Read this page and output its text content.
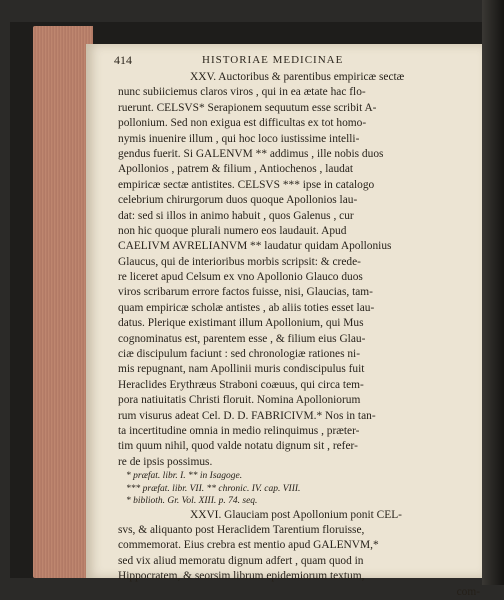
414	HISTORIAE MEDICINAE
XXV. Auctoribus & parentibus empiricæ sectæ
nunc subiiciemus claros viros , qui in ea ætate hac flo-
ruerunt. CELSVS* Serapionem sequutum esse scribit A-
pollonium. Sed non exigua est difficultas ex tot homo-
nymis inuenire illum , qui hoc loco iustissime intelli-
gendus fuerit. Si GALENVM ** addimus , ille nobis duos
Apollonios , patrem & filium , Antiochenos , laudat
empiricæ sectæ antistites. CELSVS *** ipse in catalogo
celebrium chirurgorum duos quoque Apollonios lau-
dat: sed si illos in animo habuit , quos Galenus , cur
non hic quoque plurali numero eos laudauit. Apud
CAELIVM AVRELIANVM ** laudatur quidam Apollonius
Glaucus, qui de interioribus morbis scripsit: & crede-
re liceret apud Celsum ex vno Apollonio Glauco duos
viros scribarum errore factos fuisse, nisi, Glaucias, tam-
quam empiricæ scholæ antistes , ab aliis toties esset lau-
datus. Plerique existimant illum Apollonium, qui Mus
cognominatus est, parentem esse , & filium eius Glau-
ciæ discipulum faciunt : sed chronologiæ rationes ni-
mis repugnant, nam Apollinii muris condiscipulus fuit
Heraclides Erythræus Straboni coæuus, qui circa tem-
pora natiuitatis Christi floruit. Nomina Apolloniorum
rum visurus adeat Cel. D. D. FABRICIVM.* Nos in tan-
ta incertitudine omnia in medio relinquimus , præter-
tim quum nihil, quod valde notatu dignum sit , refer-
re de ipsis possimus.
* præfat. libr. I. ** in Isagoge.
*** præfat. libr. VII. ** chronic. IV. cap. VIII.
* biblioth. Gr. Vol. XIII. p. 74. seq.
XXVI. Glauciam post Apollonium ponit CEL-
svs, & aliquanto post Heraclidem Tarentium floruisse,
commemorat. Eius crebra est mentio apud GALENVM,*
sed vix aliud memoratu dignum adfert , quam quod in
Hippocratem, & seorsim librum epidemiorum textum,
com-
